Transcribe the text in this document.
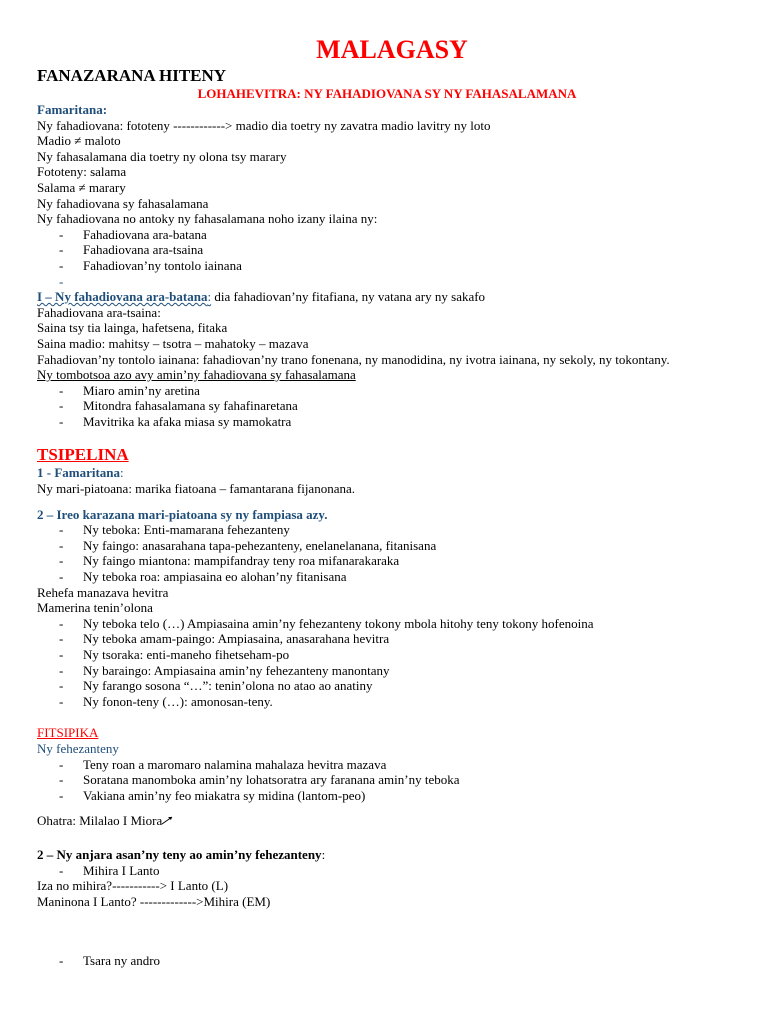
MALAGASY
FANAZARANA HITENY
LOHAHEVITRA: NY FAHADIOVANA SY NY FAHASALAMANA
Famaritana:
Ny fahadiovana: fototeny ------------> madio dia toetry ny zavatra madio lavitry ny loto
Madio ≠ maloto
Ny fahasalamana dia toetry ny olona tsy marary
Fototeny: salama
Salama ≠ marary
Ny fahadiovana sy fahasalamana
Ny fahadiovana no antoky ny fahasalamana noho izany ilaina ny:
- Fahadiovana ara-batana
- Fahadiovana ara-tsaina
- Fahadiovan’ny tontolo iainana
-
I – Ny fahadiovana ara-batana: dia fahadiovan’ny fitafiana, ny vatana ary ny sakafo
Fahadiovana ara-tsaina:
Saina tsy tia lainga, hafetsena, fitaka
Saina madio: mahitsy – tsotra – mahatoky – mazava
Fahadiovan’ny tontolo iainana: fahadiovan’ny trano fonenana, ny manodidina, ny ivotra iainana, ny sekoly, ny tokontany.
Ny tombotsoa azo avy amin’ny fahadiovana sy fahasalamana
- Miaro amin’ny aretina
- Mitondra fahasalamana sy fahafinaretana
- Mavitrika ka afaka miasa sy mamokatra
TSIPELINA
1 - Famaritana:
Ny mari-piatoana: marika fiatoana – famantarana fijanonana.
2 – Ireo karazana mari-piatoana sy ny fampiasa azy.
- Ny teboka: Enti-mamarana fehezanteny
- Ny faingo: anasarahana tapa-pehezanteny, enelanelanana, fitanisana
- Ny faingo miantona: mampifandray teny roa mifanarakaraka
- Ny teboka roa: ampiasaina eo alohan’ny fitanisana
Rehefa manazava hevitra
Mamerina tenin’olona
- Ny teboka telo (…) Ampiasaina amin’ny fehezanteny tokony mbola hitohy teny tokony hofenoina
- Ny teboka amam-paingo: Ampiasaina, anasarahana hevitra
- Ny tsoraka: enti-maneho fihetseham-po
- Ny baraingo: Ampiasaina amin’ny fehezanteny manontany
- Ny farango sosona “…”: tenin’olona no atao ao anatiny
- Ny fonon-teny (…): amonosan-teny.
FITSIPIKA
Ny fehezanteny
- Teny roan a maromaro nalamina mahalaza hevitra mazava
- Soratana manomboka amin’ny lohatsoratra ary faranana amin’ny teboka
- Vakiana amin’ny feo miakatra sy midina (lantom-peo)
Ohatra: Milalao I Miora
2 – Ny anjara asan’ny teny ao amin’ny fehezanteny:
- Mihira I Lanto
Iza no mihira?-----------> I Lanto (L)
Maninona I Lanto? ------------->Mihira (EM)
- Tsara ny andro
